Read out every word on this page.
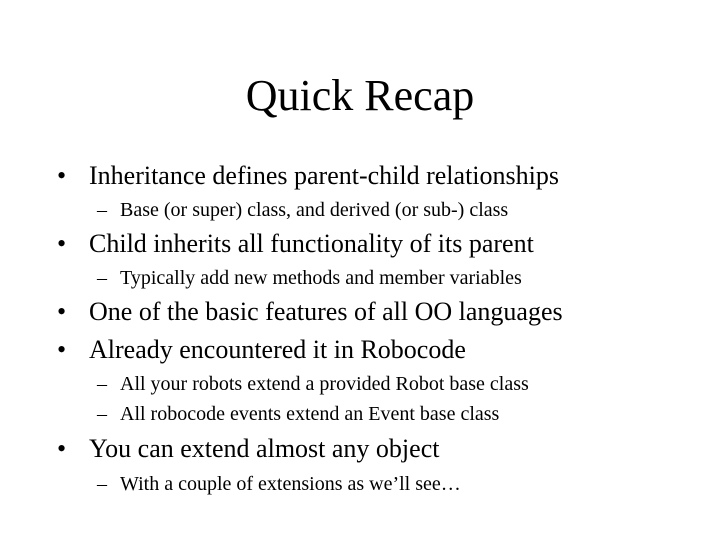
Quick Recap
• Inheritance defines parent-child relationships
– Base (or super) class, and derived (or sub-) class
• Child inherits all functionality of its parent
– Typically add new methods and member variables
• One of the basic features of all OO languages
• Already encountered it in Robocode
– All your robots extend a provided Robot base class
– All robocode events extend an Event base class
• You can extend almost any object
– With a couple of extensions as we’ll see…
